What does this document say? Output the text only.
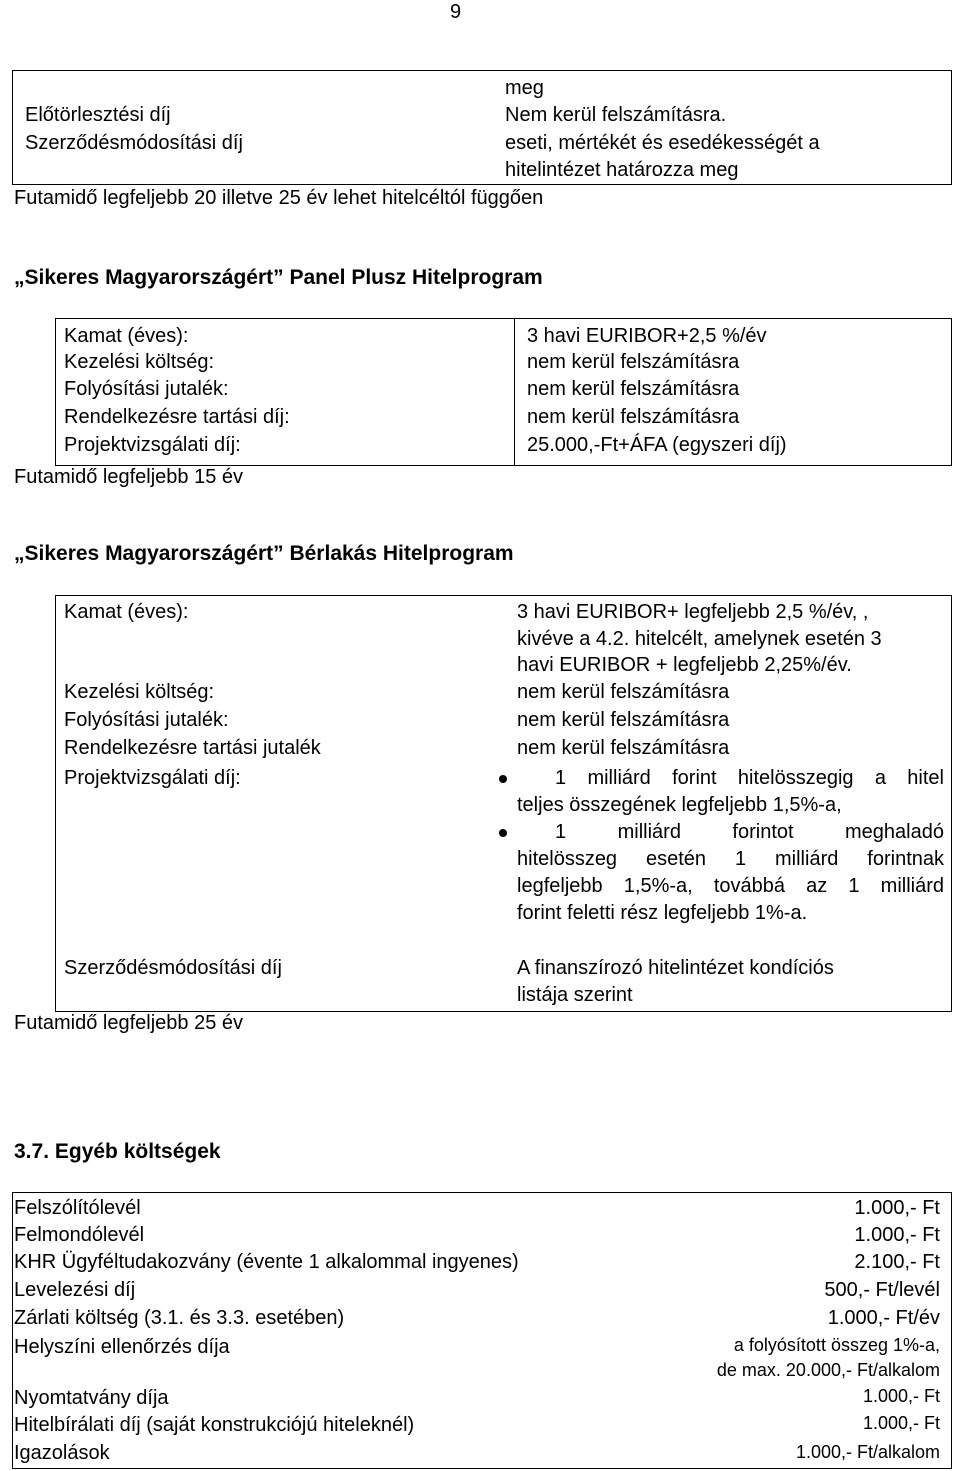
9
meg
Előtörlesztési díj	Nem kerül felszámításra.
Szerződésmódosítási díj	eseti, mértékét és esedékességét a
hitelintézet határozza meg
Futamidő legfeljebb 20 illetve 25 év lehet hitelcéltól függően
„Sikeres Magyarországért” Panel Plusz Hitelprogram
Kamat (éves):	3 havi EURIBOR+2,5 %/év
Kezelési költség:	nem kerül felszámításra
Folyósítási jutalék:	nem kerül felszámításra
Rendelkezésre tartási díj:	nem kerül felszámításra
Projektvizsgálati díj:	25.000,-Ft+ÁFA (egyszeri díj)
Futamidő legfeljebb 15 év
„Sikeres Magyarországért” Bérlakás Hitelprogram
Kamat (éves):	3 havi EURIBOR+ legfeljebb 2,5 %/év, ,
kivéve a 4.2. hitelcélt, amelynek esetén 3
havi EURIBOR + legfeljebb 2,25%/év.
Kezelési költség:	nem kerül felszámításra
Folyósítási jutalék:	nem kerül felszámításra
Rendelkezésre tartási jutalék	nem kerül felszámításra
Projektvizsgálati díj:	1 milliárd forint hitelösszegig a hitel
teljes összegének legfeljebb 1,5%-a,
1 milliárd forintot meghaladó
hitelösszeg esetén 1 milliárd forintnak
legfeljebb 1,5%-a, továbbá az 1 milliárd
forint feletti rész legfeljebb 1%-a.
Szerződésmódosítási díj	A finanszírozó hitelintézet kondíciós
listája szerint
Futamidő legfeljebb 25 év
3.7. Egyéb költségek
Felszólítólevél	1.000,- Ft
Felmondólevél	1.000,- Ft
KHR Ügyféltudakozvány (évente 1 alkalommal ingyenes)	2.100,- Ft
Levelezési díj	500,- Ft/levél
Zárlati költség (3.1. és 3.3. esetében)	1.000,- Ft/év
Helyszíni ellenőrzés díja	a folyósított összeg 1%-a,
de max. 20.000,- Ft/alkalom
Nyomtatvány díja	1.000,- Ft
Hitelbírálati díj (saját konstrukciójú hiteleknél)	1.000,- Ft
Igazolások	1.000,- Ft/alkalom
